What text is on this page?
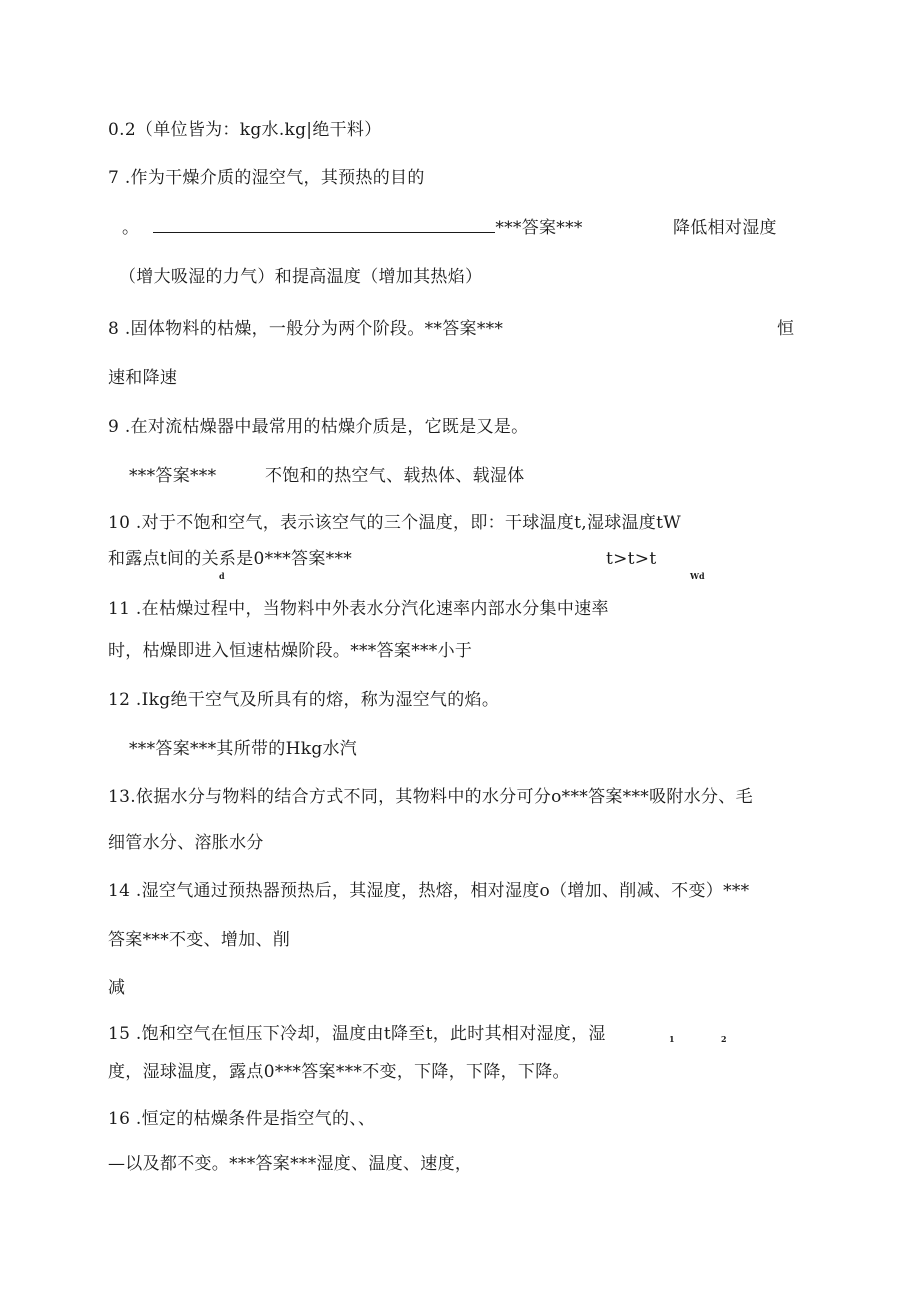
0.2（单位皆为：kg水.kg|绝干料）
7 .作为干燥介质的湿空气，其预热的目的
。	***答案***	降低相对湿度
（增大吸湿的力气）和提高温度（增加其热焰）
8 .固体物料的枯燥，一般分为两个阶段。**答案***	恒
速和降速
9 .在对流枯燥器中最常用的枯燥介质是，它既是又是。
***答案***	不饱和的热空气、载热体、载湿体
10 .对于不饱和空气，表示该空气的三个温度，即：干球温度t,湿球温度tW
和露点t间的关系是0***答案***	t>t>t
d	Wd
11 .在枯燥过程中，当物料中外表水分汽化速率内部水分集中速率
时，枯燥即进入恒速枯燥阶段。***答案***小于
12 .Ikg绝干空气及所具有的熔，称为湿空气的焰。
***答案***其所带的Hkg水汽
13.依据水分与物料的结合方式不同，其物料中的水分可分o***答案***吸附水分、毛
细管水分、溶胀水分
14 .湿空气通过预热器预热后，其湿度，热熔，相对湿度o（增加、削减、不变）***
答案***不变、增加、削
减
15 .饱和空气在恒压下冷却，温度由t降至t，此时其相对湿度，湿	1	2
度，湿球温度，露点0***答案***不变，下降，下降，下降。
16 .恒定的枯燥条件是指空气的、、
—以及都不变。***答案***湿度、温度、速度，
